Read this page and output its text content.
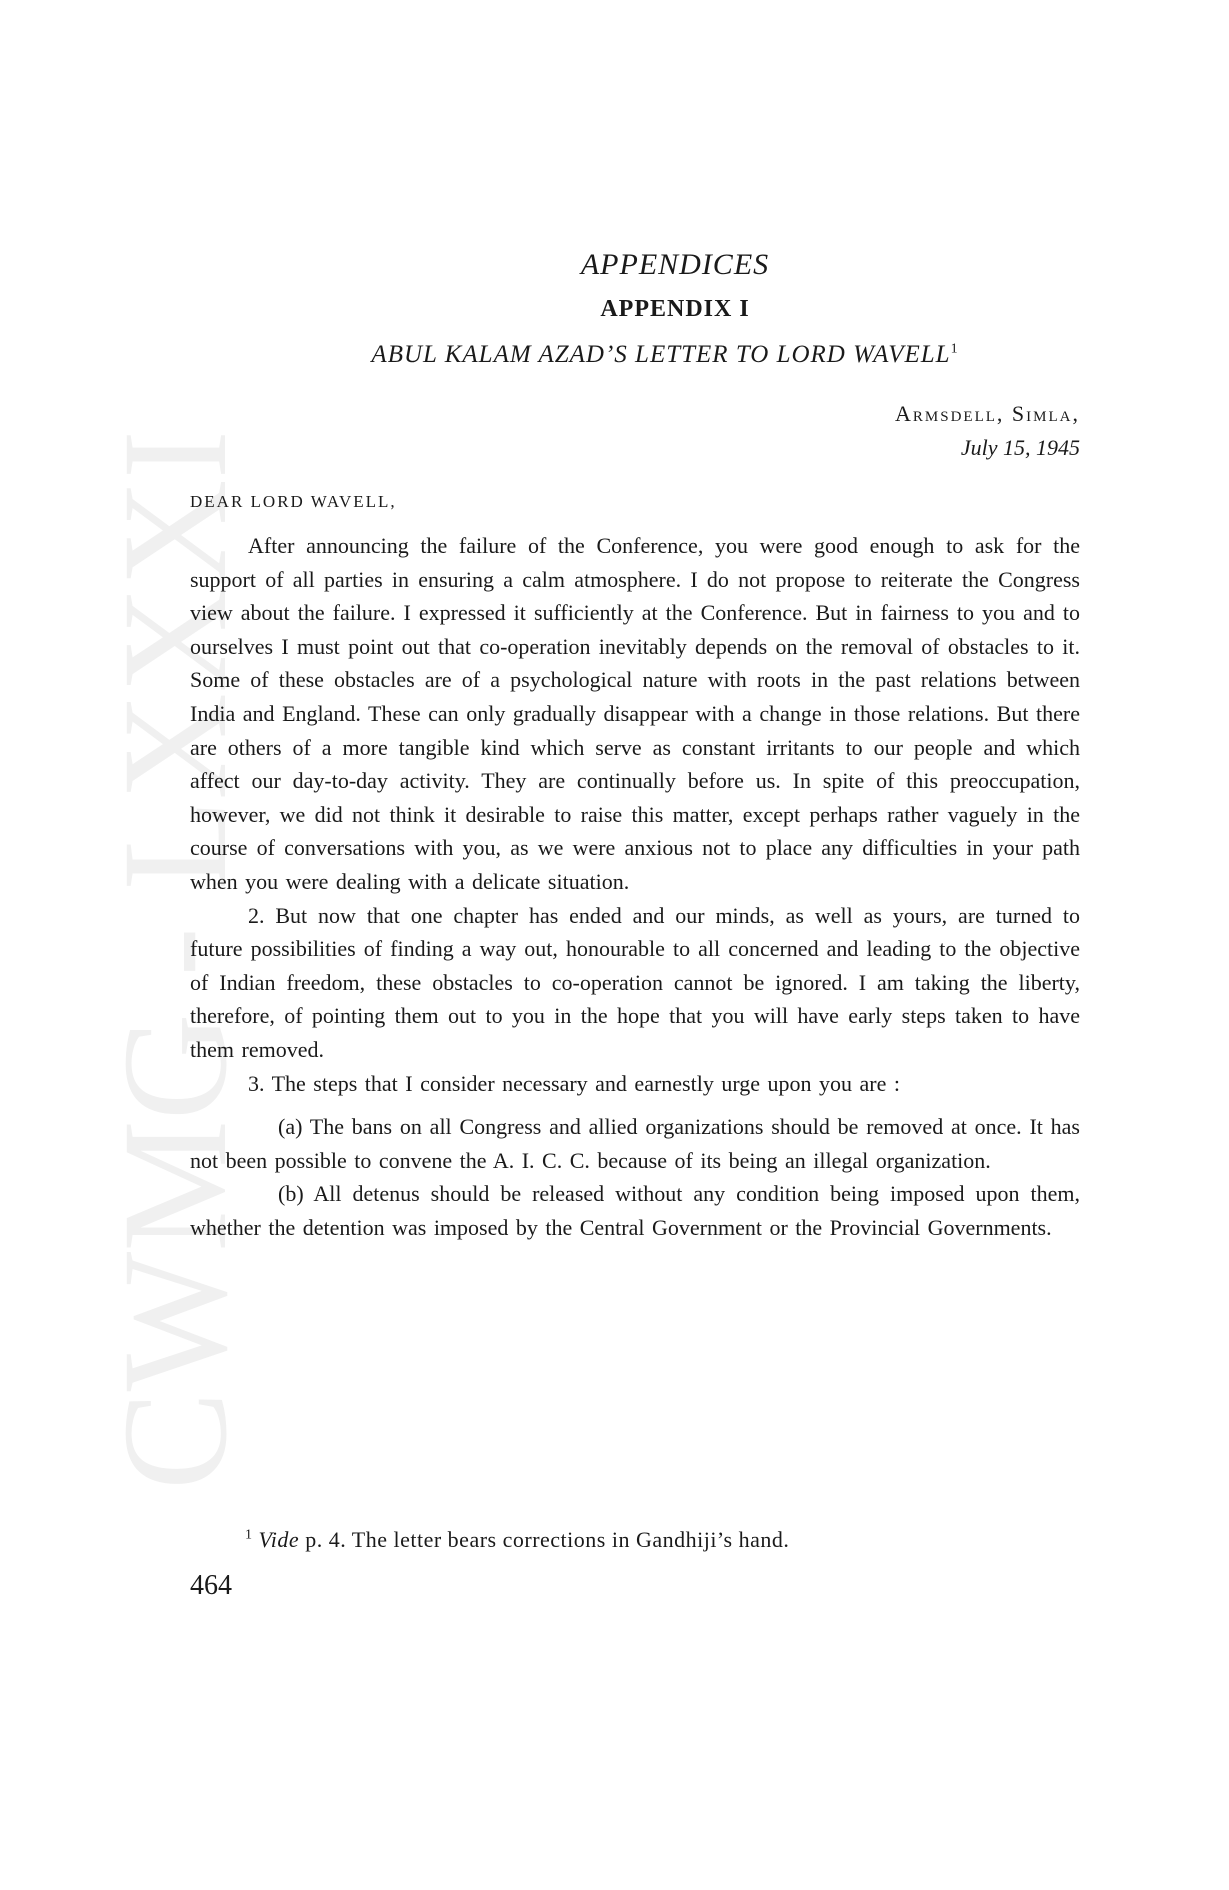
CWMG LXXXI
APPENDICES
APPENDIX I
ABUL KALAM AZAD’S LETTER TO LORD WAVELL$^1$
Armsdell, Simla,
July 15, 1945
DEAR LORD WAVELL,

After announcing the failure of the Conference, you were good enough to ask for the support of all parties in ensuring a calm atmosphere. I do not propose to reiterate the Congress view about the failure. I expressed it sufficiently at the Conference. But in fairness to you and to ourselves I must point out that co-operation inevitably depends on the removal of obstacles to it. Some of these obstacles are of a psychological nature with roots in the past relations between India and England. These can only gradually disappear with a change in those relations. But there are others of a more tangible kind which serve as constant irritants to our people and which affect our day-to-day activity. They are continually before us. In spite of this preoccupation, however, we did not think it desirable to raise this matter, except perhaps rather vaguely in the course of conversations with you, as we were anxious not to place any difficulties in your path when you were dealing with a delicate situation.

2. But now that one chapter has ended and our minds, as well as yours, are turned to future possibilities of finding a way out, honourable to all concerned and leading to the objective of Indian freedom, these obstacles to co-operation cannot be ignored. I am taking the liberty, therefore, of pointing them out to you in the hope that you will have early steps taken to have them removed.

3. The steps that I consider necessary and earnestly urge upon you are :

(a) The bans on all Congress and allied organizations should be removed at once. It has not been possible to convene the A. I. C. C. because of its being an illegal organization.

(b) All detenus should be released without any condition being imposed upon them, whether the detention was imposed by the Central Government or the Provincial Governments.

$^1$ Vide p. 4. The letter bears corrections in Gandhiji’s hand.
464
